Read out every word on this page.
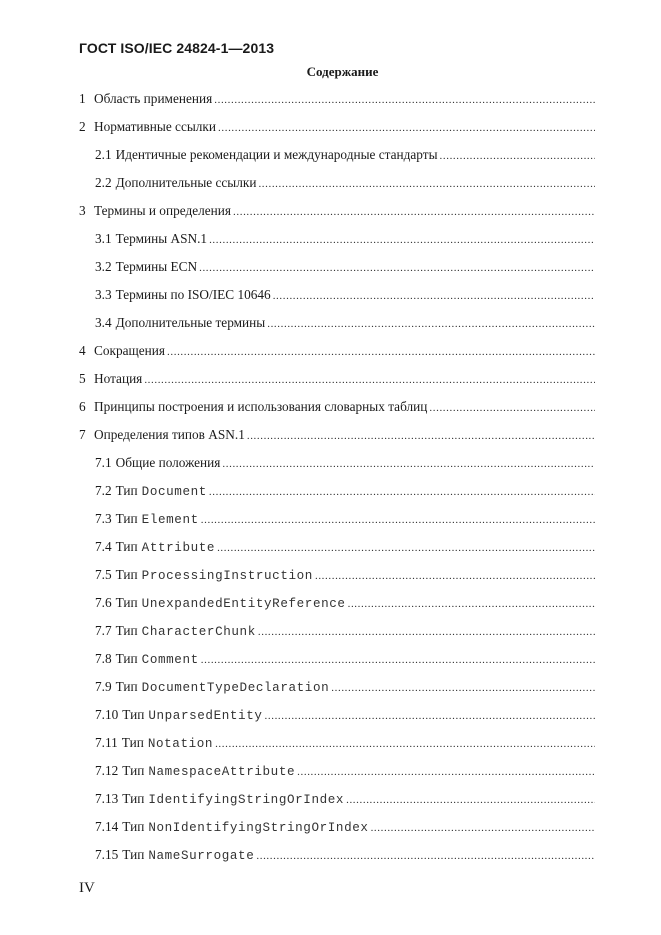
ГОСТ ISO/IEC 24824-1—2013
Содержание
1 Область применения
.....
2 Нормативные ссылки
.....
2.1 Идентичные рекомендации и международные стандарты
.....
2.2 Дополнительные ссылки
.....
3 Термины и определения
.....
3.1 Термины ASN.1
.....
3.2 Термины ECN
.....
3.3 Термины по ISO/IEC 10646
.....
3.4 Дополнительные термины
.....
4 Сокращения
.....
5 Нотация
.....
6 Принципы построения и использования словарных таблиц
.....
7 Определения типов ASN.1
.....
7.1 Общие положения
.....
7.2 Тип Document
.....
7.3 Тип Element
.....
7.4 Тип Attribute
.....
7.5 Тип ProcessingInstruction
.....
7.6 Тип UnexpandedEntityReference
.....
7.7 Тип CharacterChunk
.....
7.8 Тип Comment
.....
7.9 Тип DocumentTypeDeclaration
.....
7.10 Тип UnparsedEntity
.....
7.11 Тип Notation
.....
7.12 Тип NamespaceAttribute
.....
7.13 Тип IdentifyingStringOrIndex
.....
7.14 Тип NonIdentifyingStringOrIndex
.....
7.15 Тип NameSurrogate
.....
IV
